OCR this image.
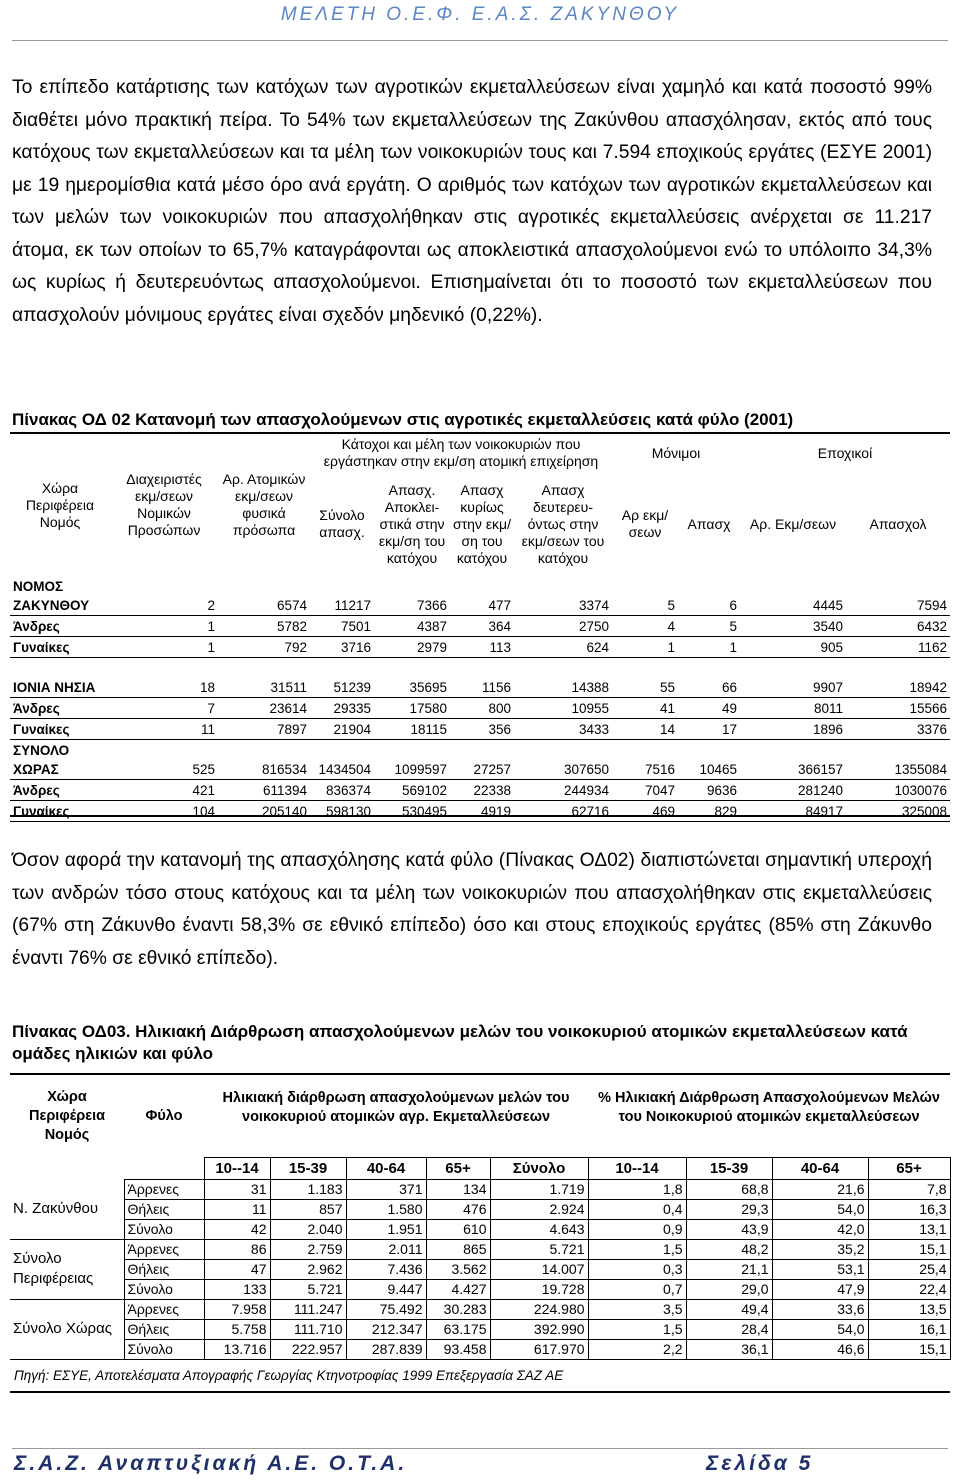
ΜΕΛΕΤΗ Ο.Ε.Φ. Ε.Α.Σ. ΖΑΚΥΝΘΟΥ

Το επίπεδο κατάρτισης των κατόχων των αγροτικών εκμεταλλεύσεων είναι χαμηλό και κατά ποσοστό 99% διαθέτει μόνο πρακτική πείρα. Το 54% των εκμεταλλεύσεων της Ζακύνθου απασχόλησαν, εκτός από τους κατόχους των εκμεταλλεύσεων και τα μέλη των νοικοκυριών τους και 7.594 εποχικούς εργάτες (ΕΣΥΕ 2001) με 19 ημερομίσθια κατά μέσο όρο ανά εργάτη. Ο αριθμός των κατόχων των αγροτικών εκμεταλλεύσεων και των μελών των νοικοκυριών που απασχολήθηκαν στις αγροτικές εκμεταλλεύσεις ανέρχεται σε 11.217 άτομα, εκ των οποίων το 65,7% καταγράφονται ως αποκλειστικά απασχολούμενοι ενώ το υπόλοιπο 34,3% ως κυρίως ή δευτερευόντως απασχολούμενοι. Επισημαίνεται ότι το ποσοστό των εκμεταλλεύσεων που απασχολούν μόνιμους εργάτες είναι σχεδόν μηδενικό (0,22%).

Πίνακας ΟΔ 02 Κατανομή των απασχολούμενων στις αγροτικές εκμεταλλεύσεις κατά φύλο (2001)

Χώρα Περιφέρεια Νομός	Διαχειριστές εκμ/σεων Νομικών Προσώπων	Αρ. Ατομικών εκμ/σεων φυσικά πρόσωπα	Κάτοχοι και μέλη των νοικοκυριών που εργάστηκαν στην εκμ/ση ατομική επιχείρηση				Μόνιμοι		Εποχικοί	
			Σύνολο απασχ.	Απασχ. Αποκλει-στικά στην εκμ/ση του κατόχου	Απασχ κυρίως στην εκμ/ση του κατόχου	Απασχ δευτερευ-όντως στην εκμ/σεων του κατόχου	Αρ εκμ/σεων	Απασχ	Αρ. Εκμ/σεων	Απασχολ

ΝΟΜΟΣ ΖΑΚΥΝΘΟΥ	2	6574	11217	7366	477	3374	5	6	4445	7594
Άνδρες	1	5782	7501	4387	364	2750	4	5	3540	6432
Γυναίκες	1	792	3716	2979	113	624	1	1	905	1162
ΙΟΝΙΑ ΝΗΣΙΑ	18	31511	51239	35695	1156	14388	55	66	9907	18942
Άνδρες	7	23614	29335	17580	800	10955	41	49	8011	15566
Γυναίκες	11	7897	21904	18115	356	3433	14	17	1896	3376
ΣΥΝΟΛΟ ΧΩΡΑΣ	525	816534	1434504	1099597	27257	307650	7516	10465	366157	1355084
Άνδρες	421	611394	836374	569102	22338	244934	7047	9636	281240	1030076
Γυναίκες	104	205140	598130	530495	4919	62716	469	829	84917	325008

Όσον αφορά την κατανομή της απασχόλησης κατά φύλο (Πίνακας ΟΔ02) διαπιστώνεται σημαντική υπεροχή των ανδρών τόσο στους κατόχους και τα μέλη των νοικοκυριών που απασχολήθηκαν στις εκμεταλλεύσεις (67% στη Ζάκυνθο έναντι 58,3% σε εθνικό επίπεδο) όσο και στους εποχικούς εργάτες (85% στη Ζάκυνθο έναντι 76% σε εθνικό επίπεδο).

Πίνακας ΟΔ03. Ηλικιακή Διάρθρωση απασχολούμενων μελών του νοικοκυριού ατομικών εκμεταλλεύσεων κατά ομάδες ηλικιών και φύλο

Χώρα Περιφέρεια Νομός	Φύλο	Ηλικιακή διάρθρωση απασχολούμενων μελών του νοικοκυριού ατομικών αγρ. Εκμεταλλεύσεων					% Ηλικιακή Διάρθρωση Απασχολούμενων Μελών του Νοικοκυριού ατομικών εκμεταλλεύσεων			

		10--14	15-39	40-64	65+	Σύνολο	10--14	15-39	40-64	65+
Ν. Ζακύνθου	Άρρενες	31	1.183	371	134	1.719	1,8	68,8	21,6	7,8
	Θήλεις	11	857	1.580	476	2.924	0,4	29,3	54,0	16,3
	Σύνολο	42	2.040	1.951	610	4.643	0,9	43,9	42,0	13,1
Σύνολο Περιφέρειας	Άρρενες	86	2.759	2.011	865	5.721	1,5	48,2	35,2	15,1
	Θήλεις	47	2.962	7.436	3.562	14.007	0,3	21,1	53,1	25,4
	Σύνολο	133	5.721	9.447	4.427	19.728	0,7	29,0	47,9	22,4
Σύνολο Χώρας	Άρρενες	7.958	111.247	75.492	30.283	224.980	3,5	49,4	33,6	13,5
	Θήλεις	5.758	111.710	212.347	63.175	392.990	1,5	28,4	54,0	16,1
	Σύνολο	13.716	222.957	287.839	93.458	617.970	2,2	36,1	46,6	15,1

Πηγή: ΕΣΥΕ, Αποτελέσματα Απογραφής Γεωργίας Κτηνοτροφίας 1999 Επεξεργασία ΣΑΖ ΑΕ

Σ.Α.Ζ. Αναπτυξιακή Α.Ε. Ο.Τ.Α.	Σελίδα 5
